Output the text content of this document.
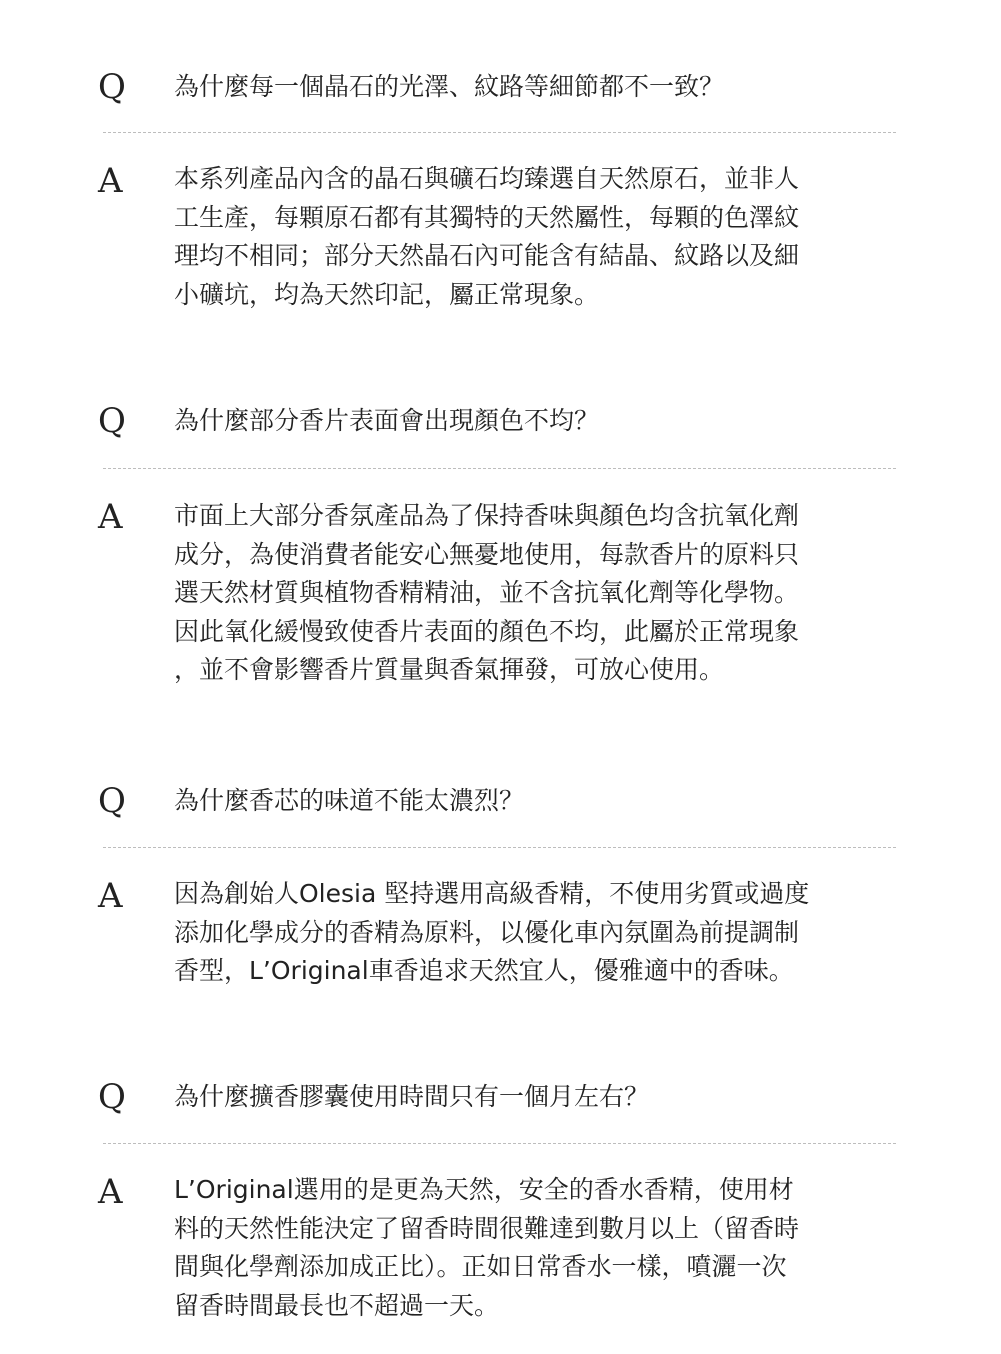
Q 為什麼每一個晶石的光澤、紋路等細節都不一致？
A 本系列產品內含的晶石與礦石均臻選自天然原石，並非人
工生產，每顆原石都有其獨特的天然屬性，每顆的色澤紋
理均不相同；部分天然晶石內可能含有結晶、紋路以及細
小礦坑，均為天然印記，屬正常現象。
Q 為什麼部分香片表面會出現顏色不均？
A 市面上大部分香氛產品為了保持香味與顏色均含抗氧化劑
成分，為使消費者能安心無憂地使用，每款香片的原料只
選天然材質與植物香精精油，並不含抗氧化劑等化學物。
因此氧化緩慢致使香片表面的顏色不均，此屬於正常現象
，並不會影響香片質量與香氣揮發，可放心使用。
Q 為什麼香芯的味道不能太濃烈？
A 因為創始人Olesia 堅持選用高級香精，不使用劣質或過度
添加化學成分的香精為原料，以優化車內氛圍為前提調制
香型，L’Original車香追求天然宜人，優雅適中的香味。
Q 為什麼擴香膠囊使用時間只有一個月左右？
A L’Original選用的是更為天然，安全的香水香精，使用材
料的天然性能決定了留香時間很難達到數月以上（留香時
間與化學劑添加成正比）。正如日常香水一樣，噴灑一次
留香時間最長也不超過一天。
